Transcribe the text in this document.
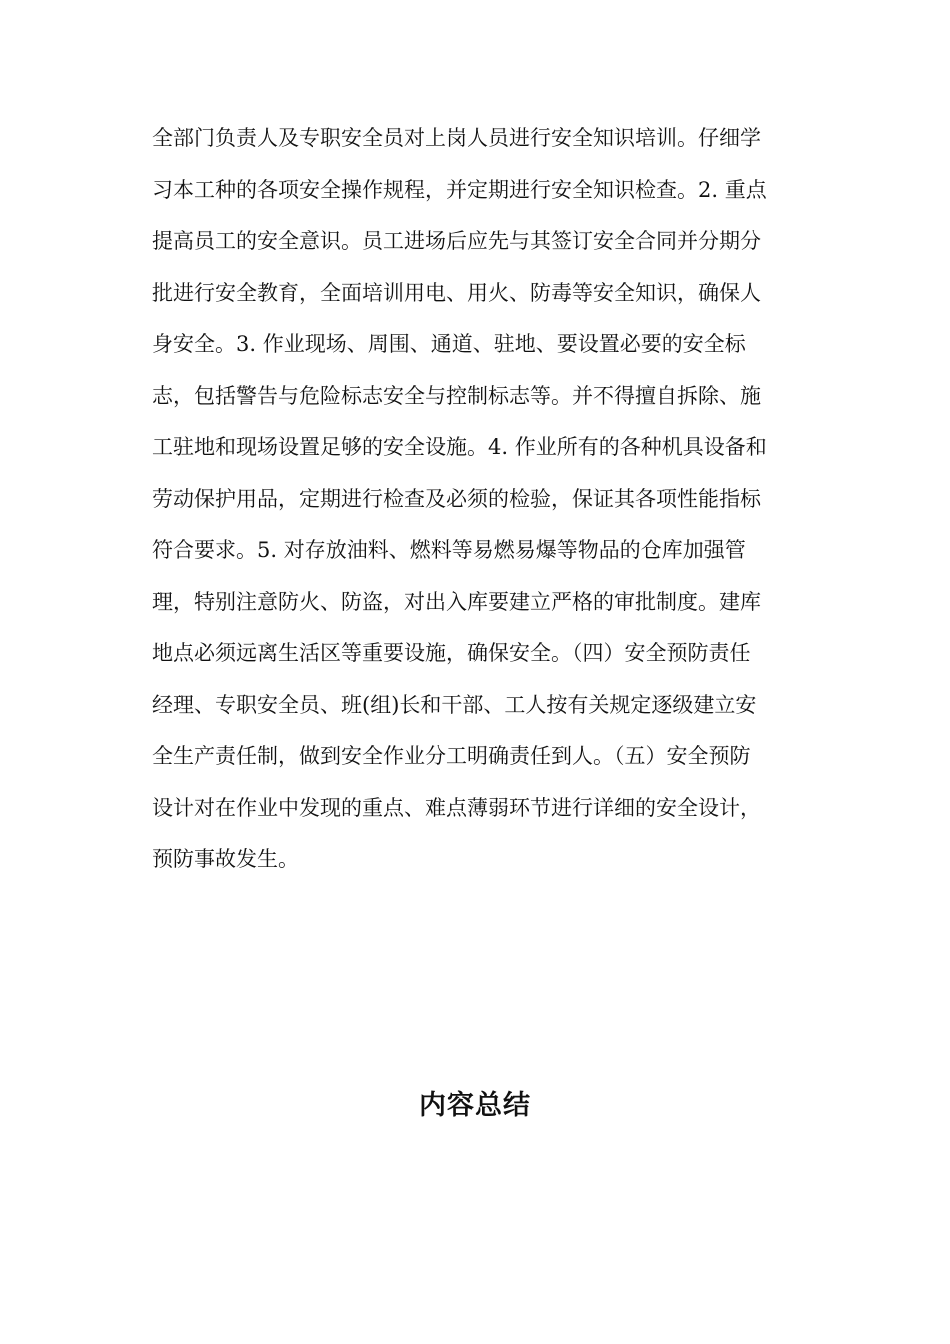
全部门负责人及专职安全员对上岗人员进行安全知识培训。仔细学
习本工种的各项安全操作规程，并定期进行安全知识检查。2. 重点
提高员工的安全意识。员工进场后应先与其签订安全合同并分期分
批进行安全教育，全面培训用电、用火、防毒等安全知识，确保人
身安全。3. 作业现场、周围、通道、驻地、要设置必要的安全标
志，包括警告与危险标志安全与控制标志等。并不得擅自拆除、施
工驻地和现场设置足够的安全设施。4. 作业所有的各种机具设备和
劳动保护用品，定期进行检查及必须的检验，保证其各项性能指标
符合要求。5. 对存放油料、燃料等易燃易爆等物品的仓库加强管
理，特别注意防火、防盗，对出入库要建立严格的审批制度。建库
地点必须远离生活区等重要设施，确保安全。（四）安全预防责任
经理、专职安全员、班(组)长和干部、工人按有关规定逐级建立安
全生产责任制，做到安全作业分工明确责任到人。（五）安全预防
设计对在作业中发现的重点、难点薄弱环节进行详细的安全设计，
预防事故发生。
内容总结
